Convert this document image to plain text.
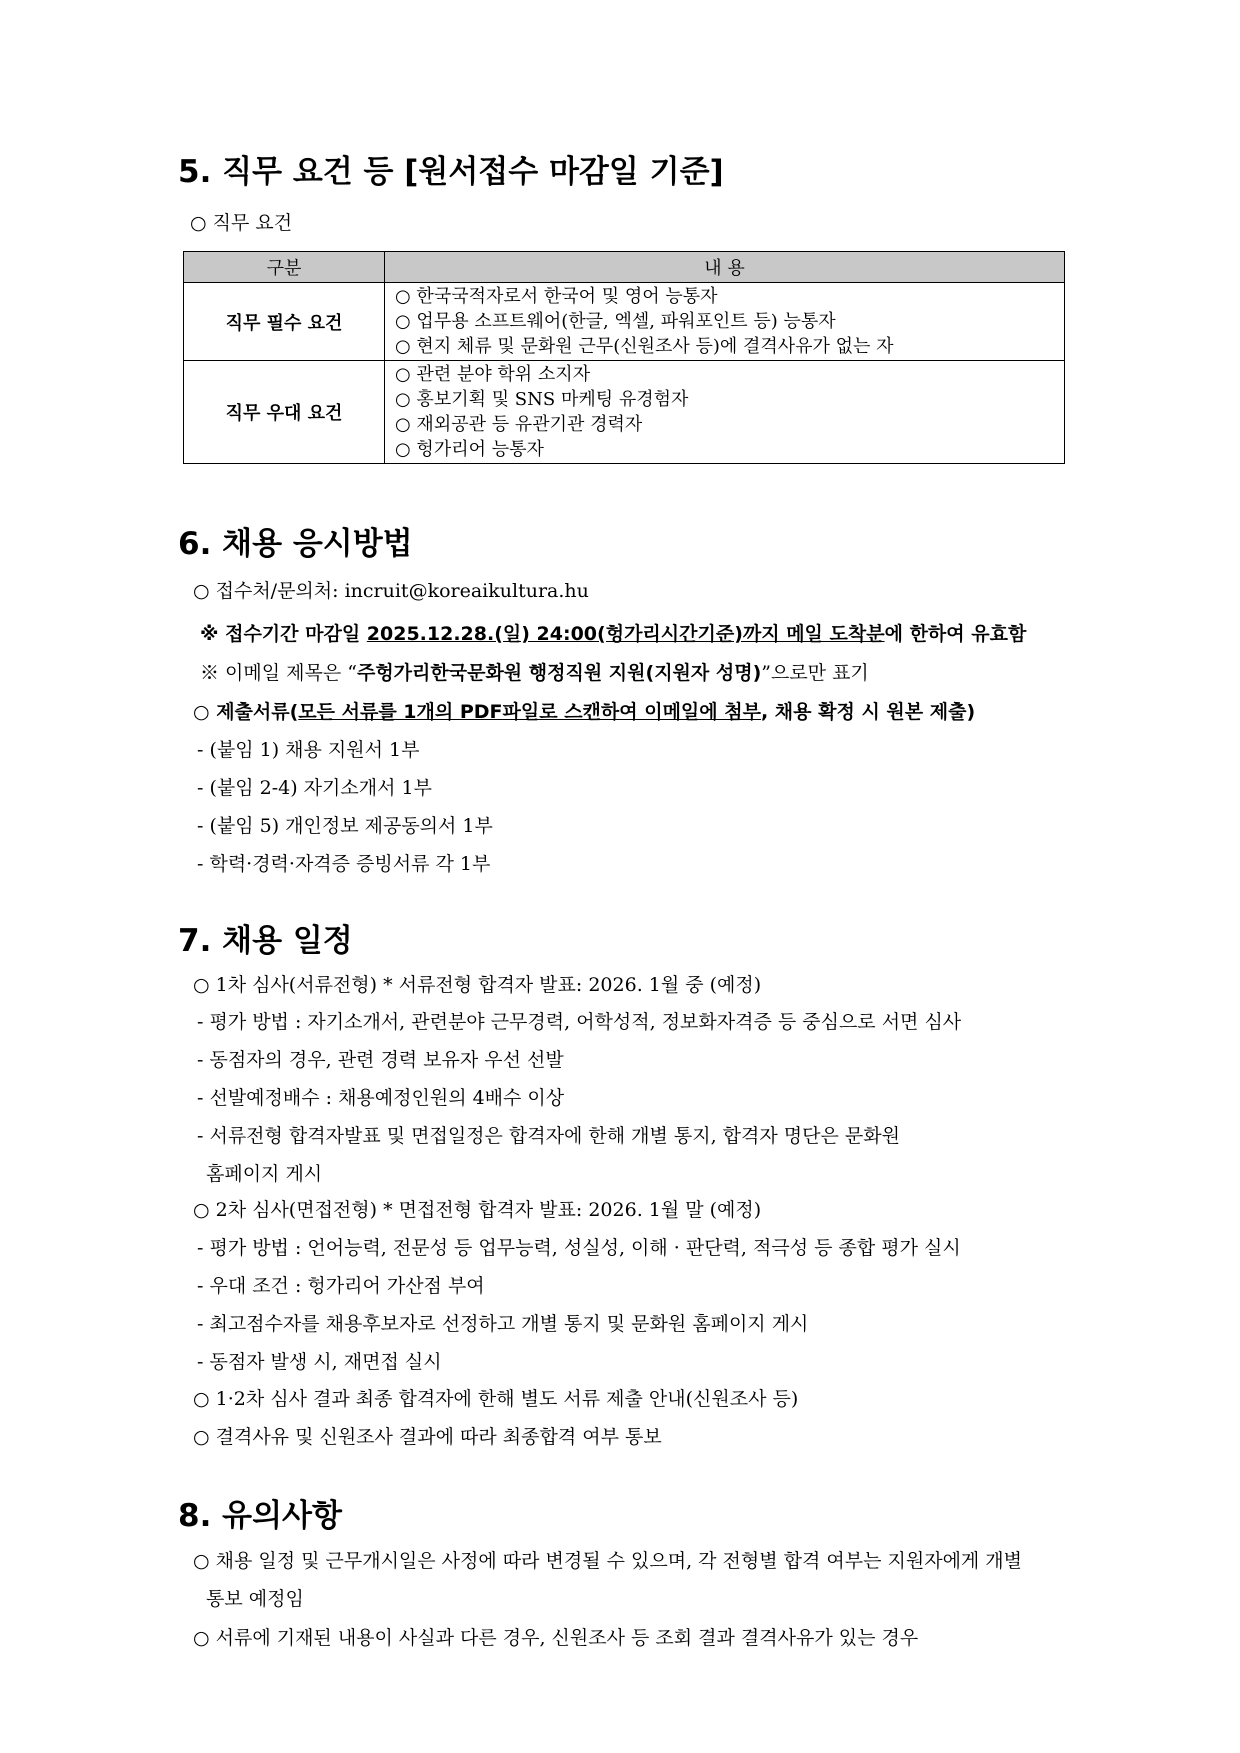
5. 직무 요건 등 [원서접수 마감일 기준]
○ 직무 요건
구분	내 용
직무 필수 요건	○ 한국국적자로서 한국어 및 영어 능통자
○ 업무용 소프트웨어(한글, 엑셀, 파워포인트 등) 능통자
○ 현지 체류 및 문화원 근무(신원조사 등)에 결격사유가 없는 자

직무 우대 요건	○ 관련 분야 학위 소지자
○ 홍보기획 및 SNS 마케팅 유경험자
○ 재외공관 등 유관기관 경력자
○ 헝가리어 능통자
6. 채용 응시방법
○ 접수처/문의처: incruit@koreaikultura.hu
※ 접수기간 마감일 2025.12.28.(일) 24:00(헝가리시간기준)까지 메일 도착분에 한하여 유효함
※ 이메일 제목은 “주헝가리한국문화원 행정직원 지원(지원자 성명)”으로만 표기
○ 제출서류(모든 서류를 1개의 PDF파일로 스캔하여 이메일에 첨부, 채용 확정 시 원본 제출)
- (붙임 1) 채용 지원서 1부
- (붙임 2-4) 자기소개서 1부
- (붙임 5) 개인정보 제공동의서 1부
- 학력·경력·자격증 증빙서류 각 1부
7. 채용 일정
○ 1차 심사(서류전형) * 서류전형 합격자 발표: 2026. 1월 중 (예정)
- 평가 방법 : 자기소개서, 관련분야 근무경력, 어학성적, 정보화자격증 등 중심으로 서면 심사
- 동점자의 경우, 관련 경력 보유자 우선 선발
- 선발예정배수 : 채용예정인원의 4배수 이상
- 서류전형 합격자발표 및 면접일정은 합격자에 한해 개별 통지, 합격자 명단은 문화원
홈페이지 게시
○ 2차 심사(면접전형) * 면접전형 합격자 발표: 2026. 1월 말 (예정)
- 평가 방법 : 언어능력, 전문성 등 업무능력, 성실성, 이해 · 판단력, 적극성 등 종합 평가 실시
- 우대 조건 : 헝가리어 가산점 부여
- 최고점수자를 채용후보자로 선정하고 개별 통지 및 문화원 홈페이지 게시
- 동점자 발생 시, 재면접 실시
○ 1·2차 심사 결과 최종 합격자에 한해 별도 서류 제출 안내(신원조사 등)
○ 결격사유 및 신원조사 결과에 따라 최종합격 여부 통보
8. 유의사항
○ 채용 일정 및 근무개시일은 사정에 따라 변경될 수 있으며, 각 전형별 합격 여부는 지원자에게 개별
통보 예정임
○ 서류에 기재된 내용이 사실과 다른 경우, 신원조사 등 조회 결과 결격사유가 있는 경우
